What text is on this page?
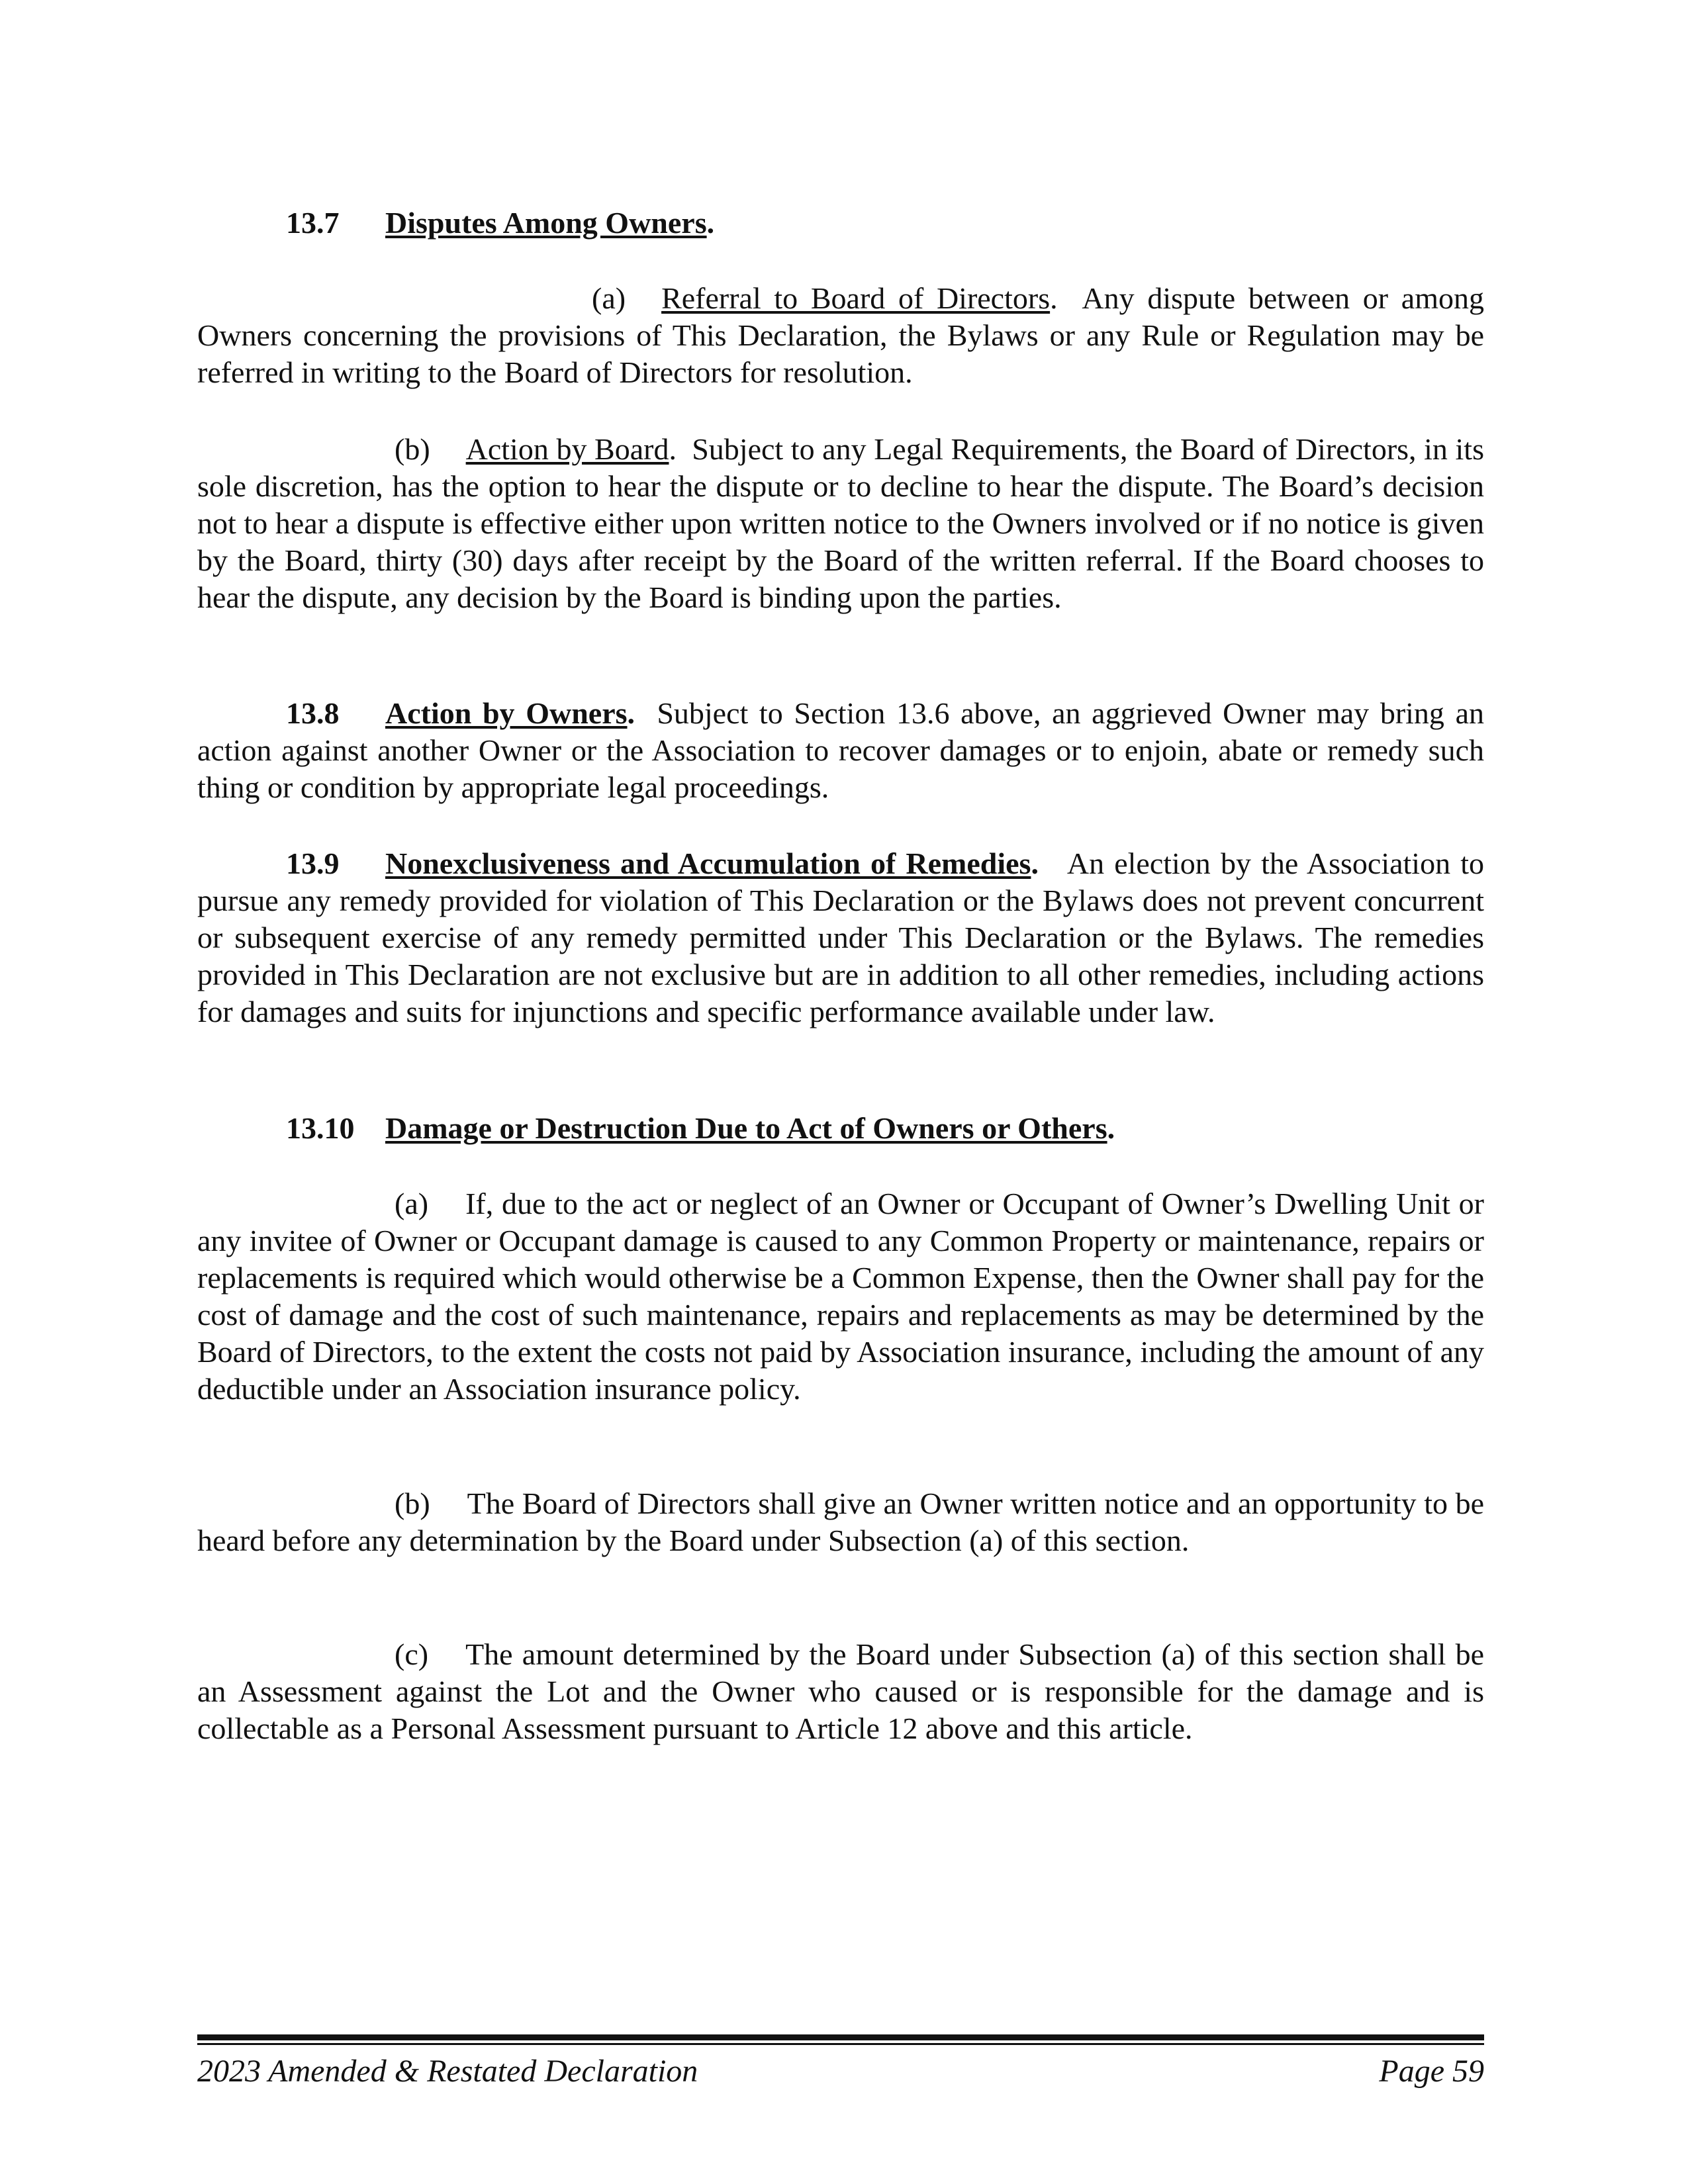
13.7 Disputes Among Owners.

(a) Referral to Board of Directors.  Any dispute between or among Owners concerning the provisions of This Declaration, the Bylaws or any Rule or Regulation may be referred in writing to the Board of Directors for resolution.

(b) Action by Board.  Subject to any Legal Requirements, the Board of Directors, in its sole discretion, has the option to hear the dispute or to decline to hear the dispute. The Board’s decision not to hear a dispute is effective either upon written notice to the Owners involved or if no notice is given by the Board, thirty (30) days after receipt by the Board of the written referral. If the Board chooses to hear the dispute, any decision by the Board is binding upon the parties.

13.8 Action by Owners. Subject to Section 13.6 above, an aggrieved Owner may bring an action against another Owner or the Association to recover damages or to enjoin, abate or remedy such thing or condition by appropriate legal proceedings.

13.9 Nonexclusiveness and Accumulation of Remedies. An election by the Association to pursue any remedy provided for violation of This Declaration or the Bylaws does not prevent concurrent or subsequent exercise of any remedy permitted under This Declaration or the Bylaws. The remedies provided in This Declaration are not exclusive but are in addition to all other remedies, including actions for damages and suits for injunctions and specific performance available under law.

13.10 Damage or Destruction Due to Act of Owners or Others.

(a) If, due to the act or neglect of an Owner or Occupant of Owner’s Dwelling Unit or any invitee of Owner or Occupant damage is caused to any Common Property or maintenance, repairs or replacements is required which would otherwise be a Common Expense, then the Owner shall pay for the cost of damage and the cost of such maintenance, repairs and replacements as may be determined by the Board of Directors, to the extent the costs not paid by Association insurance, including the amount of any deductible under an Association insurance policy.

(b) The Board of Directors shall give an Owner written notice and an opportunity to be heard before any determination by the Board under Subsection (a) of this section.

(c) The amount determined by the Board under Subsection (a) of this section shall be an Assessment against the Lot and the Owner who caused or is responsible for the damage and is collectable as a Personal Assessment pursuant to Article 12 above and this article.

2023 Amended & Restated Declaration	Page 59
